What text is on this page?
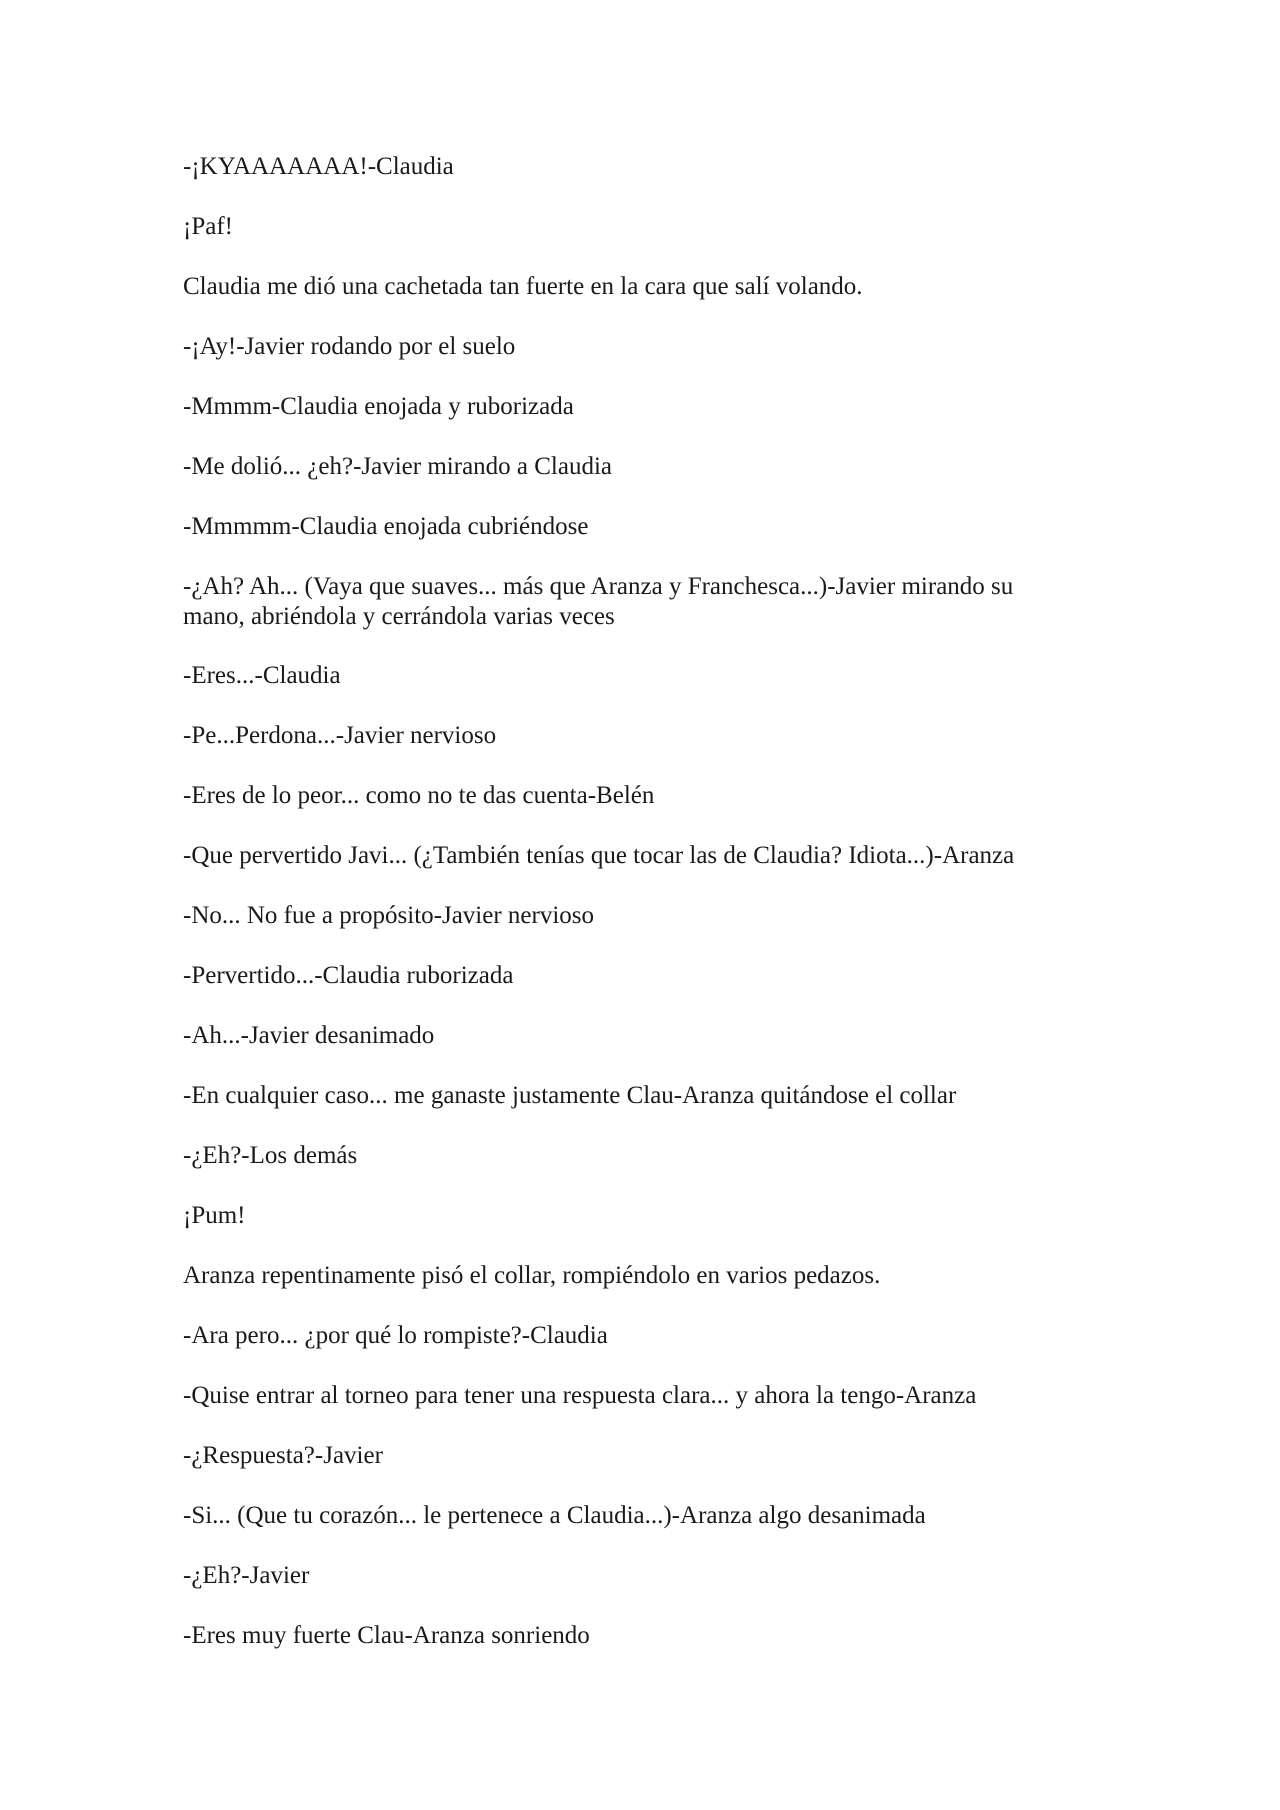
-¡KYAAAAAAA!-Claudia

¡Paf!

Claudia me dió una cachetada tan fuerte en la cara que salí volando.

-¡Ay!-Javier rodando por el suelo

-Mmmm-Claudia enojada y ruborizada

-Me dolió... ¿eh?-Javier mirando a Claudia

-Mmmmm-Claudia enojada cubriéndose

-¿Ah? Ah... (Vaya que suaves... más que Aranza y Franchesca...)-Javier mirando su mano, abriéndola y cerrándola varias veces

-Eres...-Claudia

-Pe...Perdona...-Javier nervioso

-Eres de lo peor... como no te das cuenta-Belén

-Que pervertido Javi... (¿También tenías que tocar las de Claudia? Idiota...)-Aranza

-No... No fue a propósito-Javier nervioso

-Pervertido...-Claudia ruborizada

-Ah...-Javier desanimado

-En cualquier caso... me ganaste justamente Clau-Aranza quitándose el collar

-¿Eh?-Los demás

¡Pum!

Aranza repentinamente pisó el collar, rompiéndolo en varios pedazos.

-Ara pero... ¿por qué lo rompiste?-Claudia

-Quise entrar al torneo para tener una respuesta clara... y ahora la tengo-Aranza

-¿Respuesta?-Javier

-Si... (Que tu corazón... le pertenece a Claudia...)-Aranza algo desanimada

-¿Eh?-Javier

-Eres muy fuerte Clau-Aranza sonriendo
